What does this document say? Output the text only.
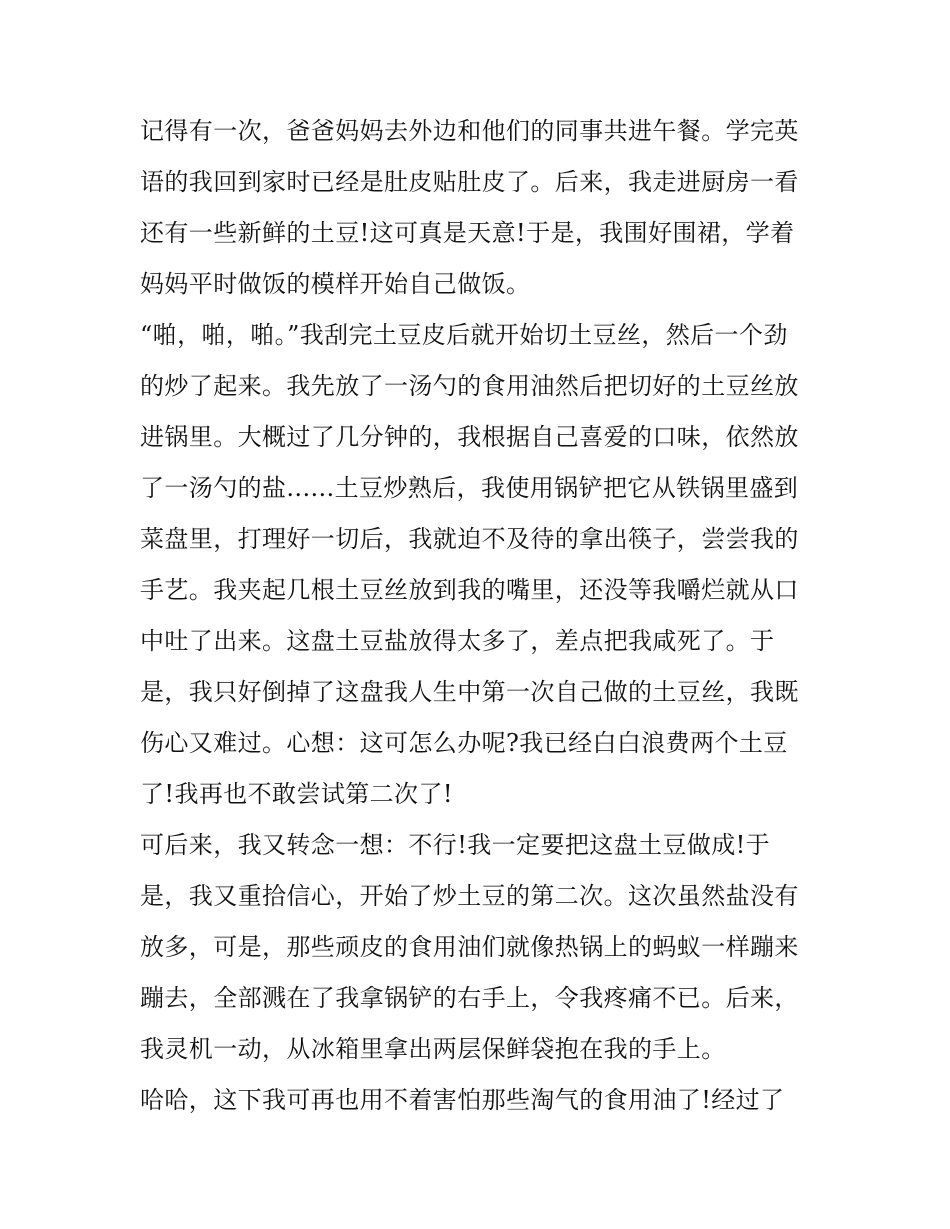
记得有一次，爸爸妈妈去外边和他们的同事共进午餐。学完英
语的我回到家时已经是肚皮贴肚皮了。后来，我走进厨房一看
还有一些新鲜的土豆!这可真是天意!于是，我围好围裙，学着
妈妈平时做饭的模样开始自己做饭。
“啪，啪，啪。”我刮完土豆皮后就开始切土豆丝，然后一个劲
的炒了起来。我先放了一汤勺的食用油然后把切好的土豆丝放
进锅里。大概过了几分钟的，我根据自己喜爱的口味，依然放
了一汤勺的盐......土豆炒熟后，我使用锅铲把它从铁锅里盛到
菜盘里，打理好一切后，我就迫不及待的拿出筷子，尝尝我的
手艺。我夹起几根土豆丝放到我的嘴里，还没等我嚼烂就从口
中吐了出来。这盘土豆盐放得太多了，差点把我咸死了。于
是，我只好倒掉了这盘我人生中第一次自己做的土豆丝，我既
伤心又难过。心想：这可怎么办呢?我已经白白浪费两个土豆
了!我再也不敢尝试第二次了!
可后来，我又转念一想：不行!我一定要把这盘土豆做成!于
是，我又重拾信心，开始了炒土豆的第二次。这次虽然盐没有
放多，可是，那些顽皮的食用油们就像热锅上的蚂蚁一样蹦来
蹦去，全部溅在了我拿锅铲的右手上，令我疼痛不已。后来，
我灵机一动，从冰箱里拿出两层保鲜袋抱在我的手上。
哈哈，这下我可再也用不着害怕那些淘气的食用油了!经过了
